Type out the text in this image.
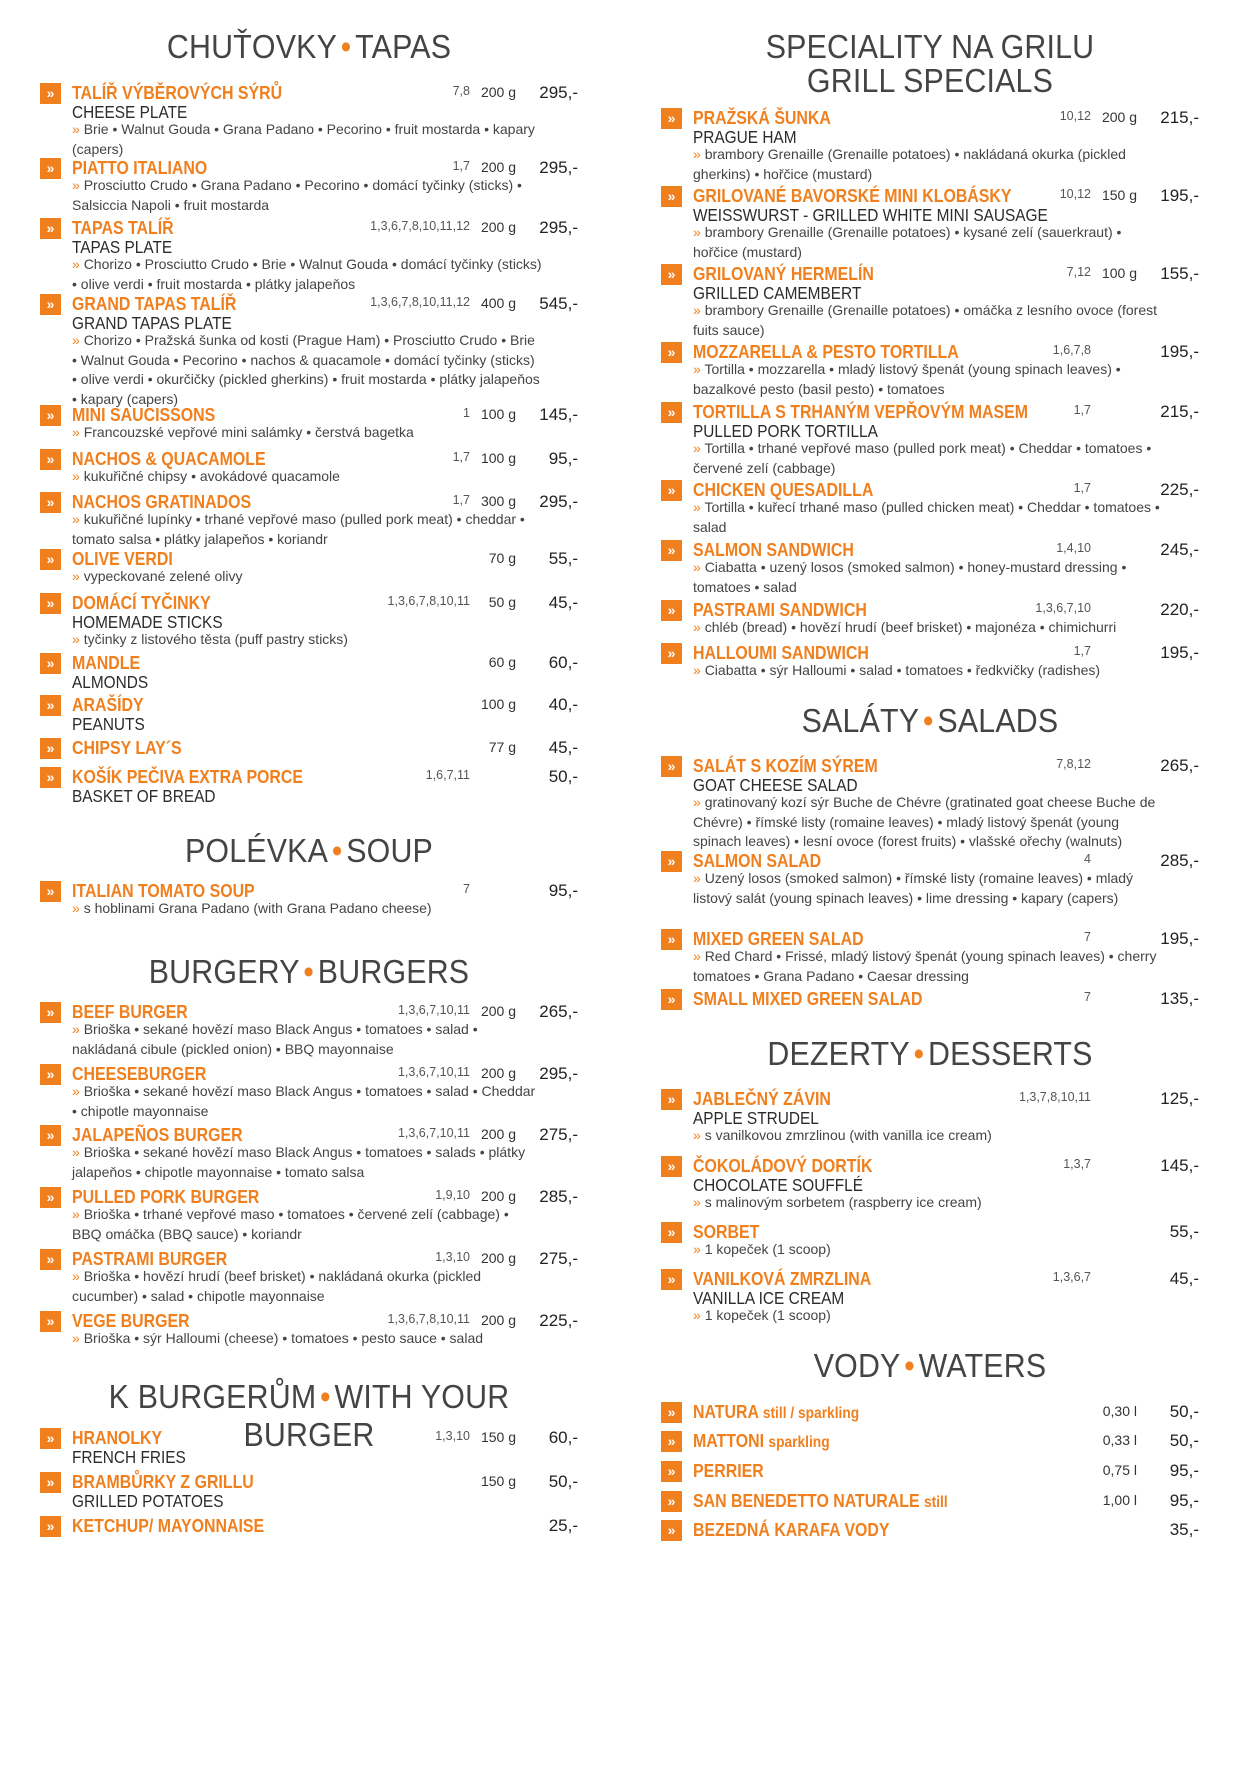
CHUŤOVKY • TAPAS
» TALÍŘ VÝBĚROVÝCH SÝRŮ
CHEESE PLATE
» Brie • Walnut Gouda • Grana Padano • Pecorino • fruit mostarda • kapary (capers)
7,8 200 g 295,-
» PIATTO ITALIANO
» Prosciutto Crudo • Grana Padano • Pecorino • domácí tyčinky (sticks) • Salsiccia Napoli • fruit mostarda
1,7 200 g 295,-
» TAPAS TALÍŘ
TAPAS PLATE
» Chorizo • Prosciutto Crudo • Brie • Walnut Gouda • domácí tyčinky (sticks) • olive verdi • fruit mostarda • plátky jalapeňos
1,3,6,7,8,10,11,12 200 g 295,-
» GRAND TAPAS TALÍŘ
GRAND TAPAS PLATE
» Chorizo • Pražská šunka od kosti (Prague Ham) • Prosciutto Crudo • Brie • Walnut Gouda • Pecorino • nachos & quacamole • domácí tyčinky (sticks) • olive verdi • okurčičky (pickled gherkins) • fruit mostarda • plátky jalapeňos • kapary (capers)
1,3,6,7,8,10,11,12 400 g 545,-
» MINI SAUCISSONS
» Francouzské vepřové mini salámky • čerstvá bagetka
1 100 g 145,-
» NACHOS & QUACAMOLE
» kukuřičné chipsy • avokádové quacamole
1,7 100 g 95,-
» NACHOS GRATINADOS
» kukuřičné lupínky • trhané vepřové maso (pulled pork meat) • cheddar • tomato salsa • plátky jalapeňos • koriandr
1,7 300 g 295,-
» OLIVE VERDI
» vypeckované zelené olivy
70 g 55,-
» DOMÁCÍ TYČINKY
HOMEMADE STICKS
» tyčinky z listového těsta (puff pastry sticks)
1,3,6,7,8,10,11 50 g 45,-
» MANDLE
ALMONDS
60 g 60,-
» ARAŠÍDY
PEANUTS
100 g 40,-
» CHIPSY LAY´S	77 g 45,-
» KOŠÍK PEČIVA EXTRA PORCE
BASKET OF BREAD
1,6,7,11	50,-
POLÉVKA • SOUP
» ITALIAN TOMATO SOUP
» s hoblinami Grana Padano (with Grana Padano cheese)
7	95,-
BURGERY • BURGERS
» BEEF BURGER
» Brioška • sekané hovězí maso Black Angus • tomatoes • salad • nakládaná cibule (pickled onion) • BBQ mayonnaise
1,3,6,7,10,11 200 g 265,-
» CHEESEBURGER
» Brioška • sekané hovězí maso Black Angus • tomatoes • salad • Cheddar • chipotle mayonnaise
1,3,6,7,10,11 200 g 295,-
» JALAPEÑOS BURGER
» Brioška • sekané hovězí maso Black Angus • tomatoes • salads • plátky jalapeňos • chipotle mayonnaise • tomato salsa
1,3,6,7,10,11 200 g 275,-
» PULLED PORK BURGER
» Brioška • trhané vepřové maso • tomatoes • červené zelí (cabbage) • BBQ omáčka (BBQ sauce) • koriandr
1,9,10 200 g 285,-
» PASTRAMI BURGER
» Brioška • hovězí hrudí (beef brisket) • nakládaná okurka (pickled cucumber) • salad • chipotle mayonnaise
1,3,10 200 g 275,-
» VEGE BURGER
» Brioška • sýr Halloumi (cheese) • tomatoes • pesto sauce • salad
1,3,6,7,8,10,11 200 g 225,-
K BURGERŮM • WITH YOUR BURGER
» HRANOLKY
FRENCH FRIES
1,3,10 150 g 60,-
» BRAMBŮRKY Z GRILLU
GRILLED POTATOES
150 g 50,-
» KETCHUP/ MAYONNAISE	25,-
SPECIALITY NA GRILU
GRILL SPECIALS
» PRAŽSKÁ ŠUNKA
PRAGUE HAM
» brambory Grenaille (Grenaille potatoes) • nakládaná okurka (pickled gherkins) • hořčice (mustard)
10,12 200 g 215,-
» GRILOVANÉ BAVORSKÉ MINI KLOBÁSKY
WEISSWURST - GRILLED WHITE MINI SAUSAGE
» brambory Grenaille (Grenaille potatoes) • kysané zelí (sauerkraut) • hořčice (mustard)
10,12 150 g 195,-
» GRILOVANÝ HERMELÍN
GRILLED CAMEMBERT
» brambory Grenaille (Grenaille potatoes) • omáčka z lesního ovoce (forest fuits sauce)
7,12 100 g 155,-
» MOZZARELLA & PESTO TORTILLA
» Tortilla • mozzarella • mladý listový špenát (young spinach leaves) • bazalkové pesto (basil pesto) • tomatoes
1,6,7,8	195,-
» TORTILLA S TRHANÝM VEPŘOVÝM MASEM
PULLED PORK TORTILLA
» Tortilla • trhané vepřové maso (pulled pork meat) • Cheddar • tomatoes • červené zelí (cabbage)
1,7	215,-
» CHICKEN QUESADILLA
» Tortilla • kuřecí trhané maso (pulled chicken meat) • Cheddar • tomatoes • salad
1,7	225,-
» SALMON SANDWICH
» Ciabatta • uzený losos (smoked salmon) • honey-mustard dressing • tomatoes • salad
1,4,10	245,-
» PASTRAMI SANDWICH
» chléb (bread) • hovězí hrudí (beef brisket) • majonéza • chimichurri
1,3,6,7,10	220,-
» HALLOUMI SANDWICH
» Ciabatta • sýr Halloumi • salad • tomatoes • ředkvičky (radishes)
1,7	195,-
SALÁTY • SALADS
» SALÁT S KOZÍM SÝREM
GOAT CHEESE SALAD
» gratinovaný kozí sýr Buche de Chévre (gratinated goat cheese Buche de Chévre) • římské listy (romaine leaves) • mladý listový špenát (young spinach leaves) • lesní ovoce (forest fruits) • vlašské ořechy (walnuts)
7,8,12	265,-
» SALMON SALAD
» Uzený losos (smoked salmon) • římské listy (romaine leaves) • mladý listový salát (young spinach leaves) • lime dressing • kapary (capers)
4	285,-
» MIXED GREEN SALAD
» Red Chard • Frissé, mladý listový špenát (young spinach leaves) • cherry tomatoes • Grana Padano • Caesar dressing
7	195,-
» SMALL MIXED GREEN SALAD	7	135,-
DEZERTY • DESSERTS
» JABLEČNÝ ZÁVIN
APPLE STRUDEL
» s vanilkovou zmrzlinou (with vanilla ice cream)
1,3,7,8,10,11	125,-
» ČOKOLÁDOVÝ DORTÍK
CHOCOLATE SOUFFLÉ
» s malinovým sorbetem (raspberry ice cream)
1,3,7	145,-
» SORBET
» 1 kopeček (1 scoop)
55,-
» VANILKOVÁ ZMRZLINA
VANILLA ICE CREAM
» 1 kopeček (1 scoop)
1,3,6,7	45,-
VODY • WATERS
» NATURA still / sparkling	0,30 l 50,-
» MATTONI sparkling	0,33 l 50,-
» PERRIER	0,75 l 95,-
» SAN BENEDETTO NATURALE still	1,00 l 95,-
» BEZEDNÁ KARAFA VODY	35,-
